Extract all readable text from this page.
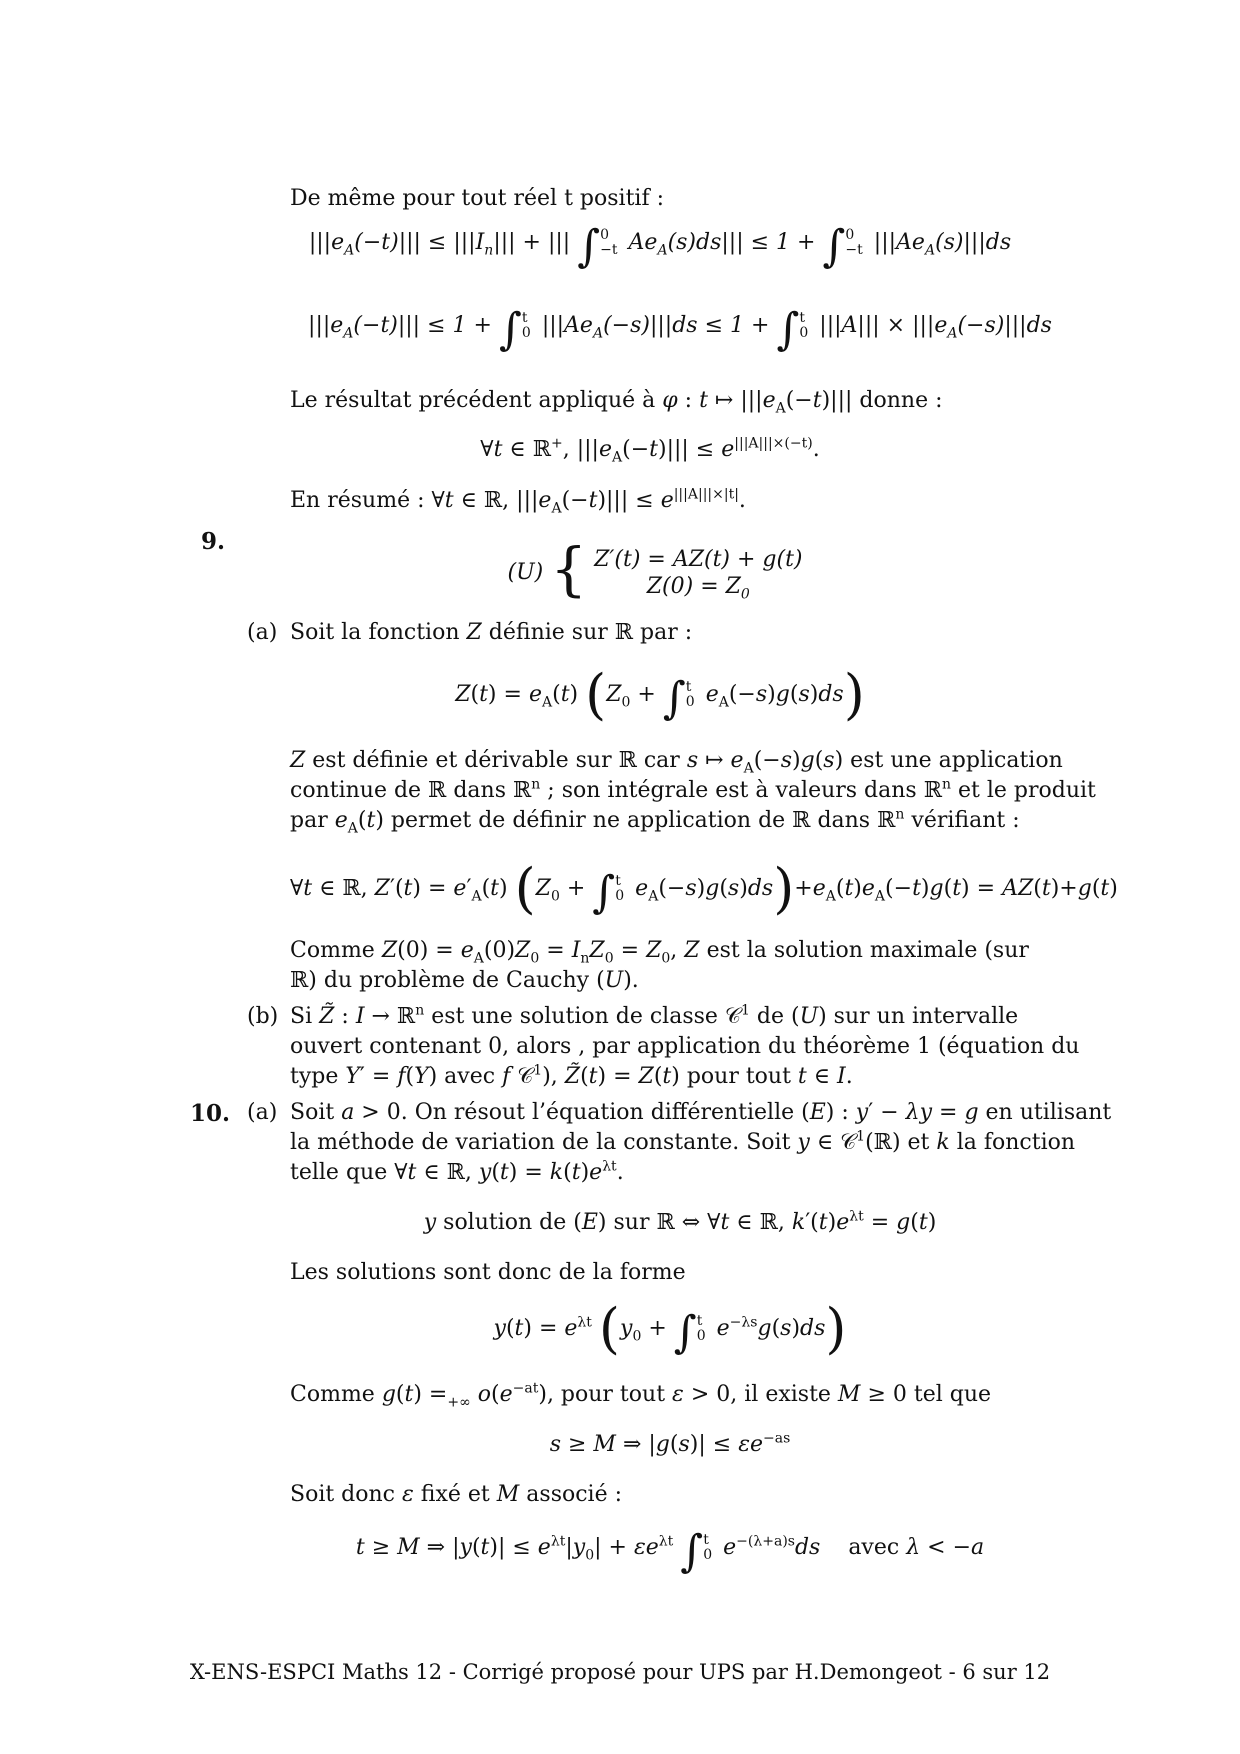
De même pour tout réel t positif :
$|||e_A(-t)||| \le |||I_n|||$ + ||| ∫0
−t $Ae_A(s)ds||| \le 1 + \int 0$
−t $|||Ae_A(s)|||ds$
$|||e_A(-t)||| \le 1 + \int t$
0 $|||Ae_A(-s)|||ds \le 1 + \int t$
0 $|||A||| \times |||e_A(-s)|||ds$
Le résultat précédent appliqué à φ : t ↦ $|||e_A(-t)|||$ donne :
∀t ∈ ℝ+, $|||e_A(-t)||| \le e^{|||A|||\times(-t)}$.
En résumé : ∀t ∈ ℝ, $|||e_A(-t)||| \le e^{|||A|||\times|t|}$.
9.
(U) { Z′(t) = AZ(t) + g(t)
$Z(0) = Z_0$
(a) Soit la fonction Z définie sur ℝ par :
$Z(t) = e_A(t) (Z_0 + \int t$
0 $e_A(-s)g(s)ds$)
Z est définie et dérivable sur ℝ car s ↦ $e_A(-s)g(s)$ est une application
continue de ℝ dans ℝ$^n$ ; son intégrale est à valeurs dans ℝ$^n$ et le produit
par $e_A(t)$ permet de définir ne application de ℝ dans ℝ$^n$ vérifiant :
∀t ∈ ℝ, $Z'(t) = e'_A(t) (Z_0 + \int t$
0 $e_A(-s)g(s)ds)+e_A(t)e_A(-t)g(t) = AZ(t)+g(t)$
Comme $Z(0) = e_A(0)Z_0 = I_nZ_0 = Z_0$, Z est la solution maximale (sur
ℝ) du problème de Cauchy (U).
(b) Si Z̃ : I → ℝ$^n$ est une solution de classe 𝒞$^1$ de (U) sur un intervalle
ouvert contenant 0, alors , par application du théorème 1 (équation du
type Y′ = f(Y) avec f 𝒞$^1$), Z̃(t) = Z(t) pour tout t ∈ I.
10. (a) Soit a > 0. On résout l’équation différentielle (E) : y′ − λy = g en utilisant
la méthode de variation de la constante. Soit y ∈ 𝒞$^1$(ℝ) et k la fonction
telle que ∀t ∈ ℝ, $y(t) = k(t)e^{\lambda t}$.
y solution de (E) sur ℝ ⇔ ∀t ∈ ℝ, $k'(t)e^{\lambda t} = g(t)$
Les solutions sont donc de la forme
$y(t) = e^{\lambda t}$ ($y_0 + \int t$
0 $e^{-\lambda s}g(s)ds$)
Comme $g(t) =_{+\infty}$ $o(e^{-at})$, pour tout ε > 0, il existe M ≥ 0 tel que
s ≥ M ⇒ $|g(s)| \le \varepsilon e^{-as}$
Soit donc ε fixé et M associé :
t ≥ M ⇒ $|y(t)| \le e^{\lambda t}|y_0| + \varepsilon e^{\lambda t}$ ∫t
0 $e^{-(\lambda+a)s}ds$    avec λ < −a
X-ENS-ESPCI Maths 12 - Corrigé proposé pour UPS par H.Demongeot - 6 sur 12
